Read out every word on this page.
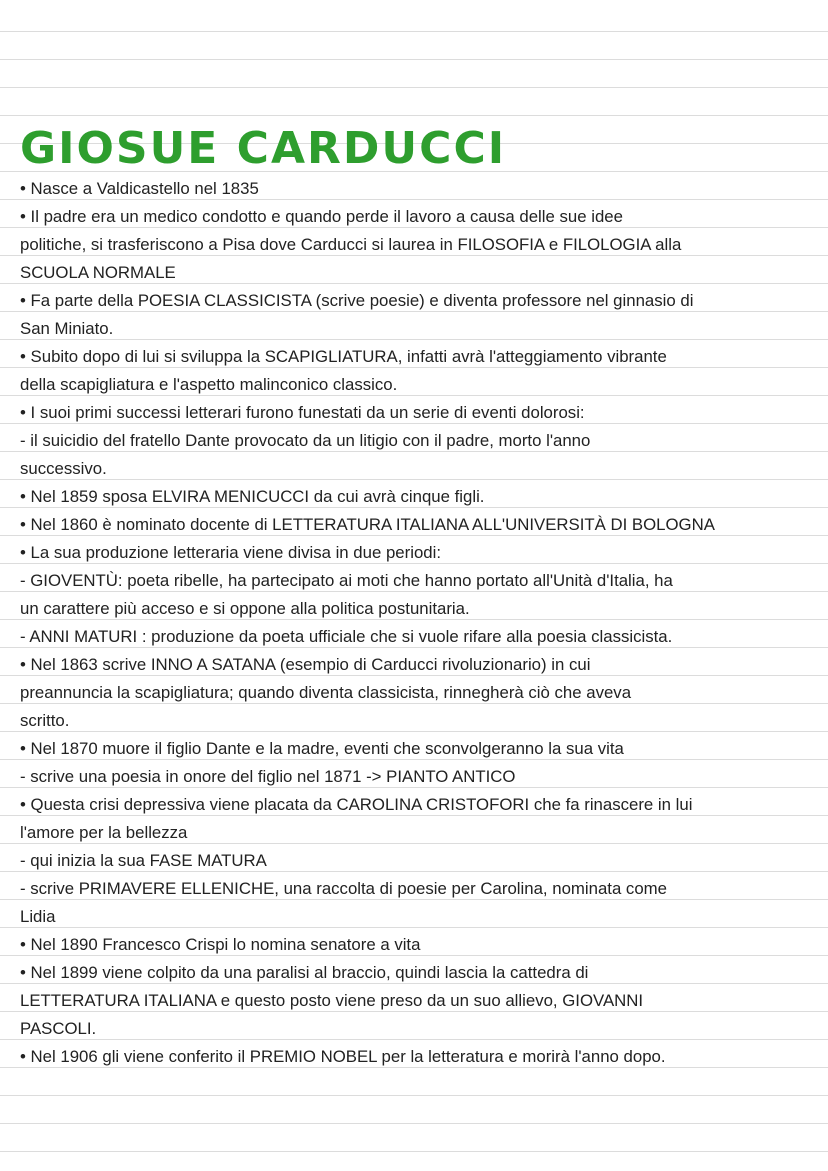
GIOSUE CARDUCCI
• Nasce a Valdicastello nel 1835
• Il padre era un medico condotto e quando perde il lavoro a causa delle sue idee
politiche, si trasferiscono a Pisa dove Carducci si laurea in FILOSOFIA e FILOLOGIA alla
SCUOLA NORMALE
• Fa parte della POESIA CLASSICISTA (scrive poesie) e diventa professore nel ginnasio di
San Miniato.
• Subito dopo di lui si sviluppa la SCAPIGLIATURA, infatti avrà l'atteggiamento vibrante
della scapigliatura e l'aspetto malinconico classico.
• I suoi primi successi letterari furono funestati da un serie di eventi dolorosi:
- il suicidio del fratello Dante provocato da un litigio con il padre, morto l'anno
successivo.
• Nel 1859 sposa ELVIRA MENICUCCI da cui avrà cinque figli.
• Nel 1860 è nominato docente di LETTERATURA ITALIANA ALL'UNIVERSITÀ DI BOLOGNA
• La sua produzione letteraria viene divisa in due periodi:
- GIOVENTÙ: poeta ribelle, ha partecipato ai moti che hanno portato all'Unità d'Italia, ha
un carattere più acceso e si oppone alla politica postunitaria.
- ANNI MATURI : produzione da poeta ufficiale che si vuole rifare alla poesia classicista.
• Nel 1863 scrive INNO A SATANA (esempio di Carducci rivoluzionario) in cui
preannuncia la scapigliatura; quando diventa classicista, rinnegherà ciò che aveva
scritto.
• Nel 1870 muore il figlio Dante e la madre, eventi che sconvolgeranno la sua vita
- scrive una poesia in onore del figlio nel 1871 -> PIANTO ANTICO
• Questa crisi depressiva viene placata da CAROLINA CRISTOFORI che fa rinascere in lui
l'amore per la bellezza
- qui inizia la sua FASE MATURA
- scrive PRIMAVERE ELLENICHE, una raccolta di poesie per Carolina, nominata come
Lidia
• Nel 1890 Francesco Crispi lo nomina senatore a vita
• Nel 1899 viene colpito da una paralisi al braccio, quindi lascia la cattedra di
LETTERATURA ITALIANA e questo posto viene preso da un suo allievo, GIOVANNI
PASCOLI.
• Nel 1906 gli viene conferito il PREMIO NOBEL per la letteratura e morirà l'anno dopo.
